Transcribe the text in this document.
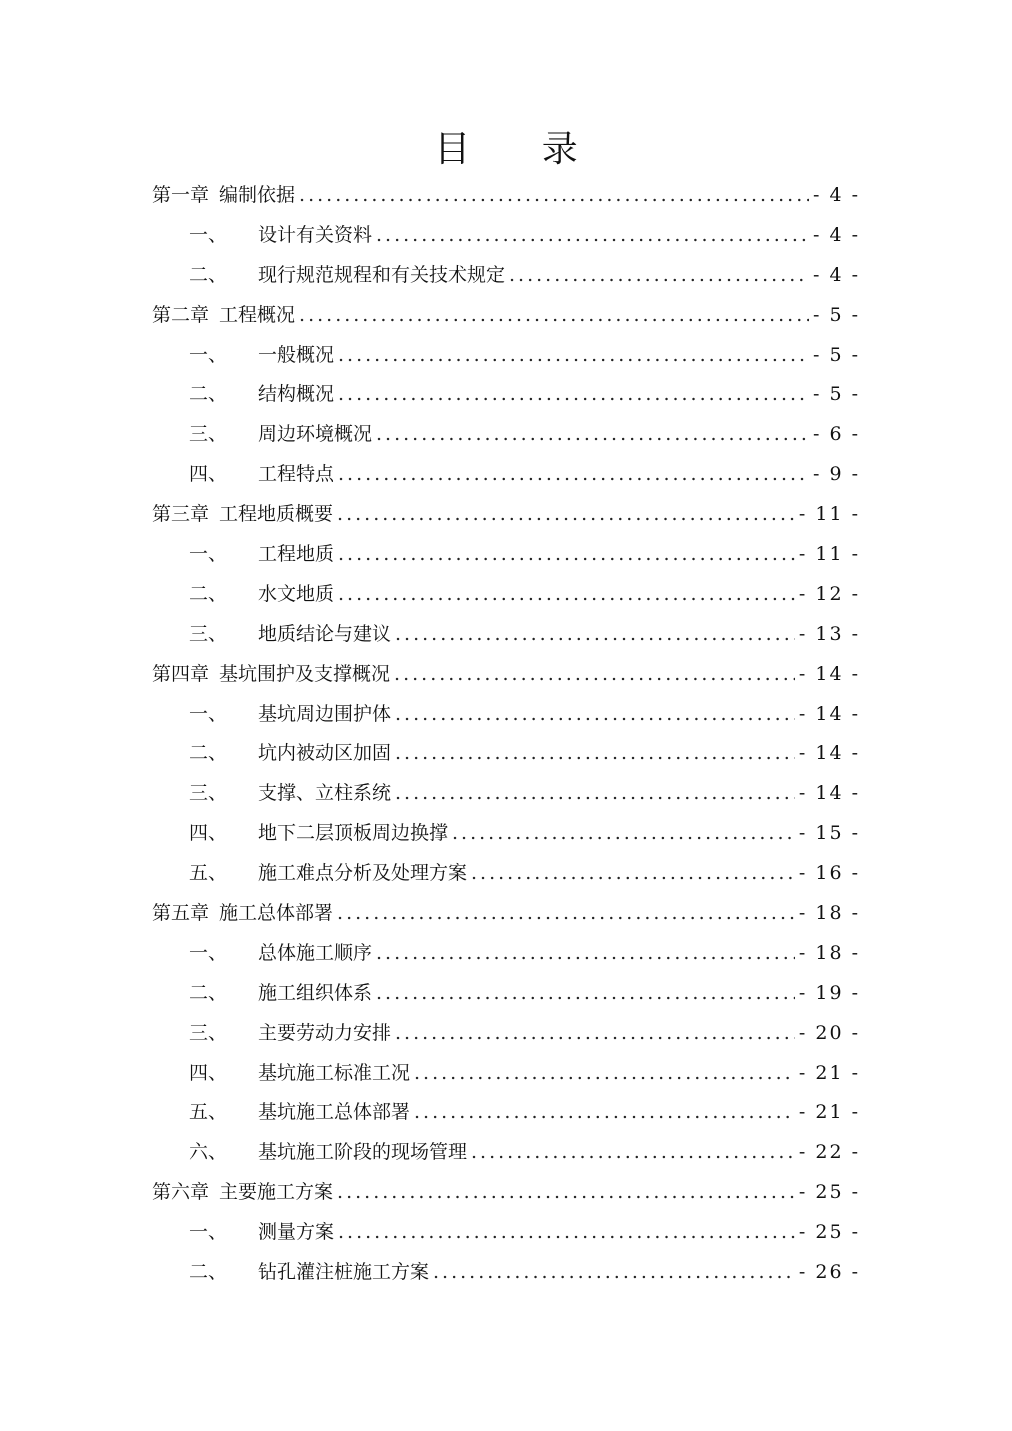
目 录
第一章 编制依据 .....	- 4 -
一、	设计有关资料 .....	- 4 -
二、	现行规范规程和有关技术规定 .....	- 4 -
第二章 工程概况 .....	- 5 -
一、	一般概况 .....	- 5 -
二、	结构概况 .....	- 5 -
三、	周边环境概况 .....	- 6 -
四、	工程特点 .....	- 9 -
第三章 工程地质概要 .....	- 11 -
一、	工程地质 .....	- 11 -
二、	水文地质 .....	- 12 -
三、	地质结论与建议 .....	- 13 -
第四章 基坑围护及支撑概况 .....	- 14 -
一、	基坑周边围护体 .....	- 14 -
二、	坑内被动区加固 .....	- 14 -
三、	支撑、立柱系统 .....	- 14 -
四、	地下二层顶板周边换撑 .....	- 15 -
五、	施工难点分析及处理方案 .....	- 16 -
第五章 施工总体部署 .....	- 18 -
一、	总体施工顺序 .....	- 18 -
二、	施工组织体系 .....	- 19 -
三、	主要劳动力安排 .....	- 20 -
四、	基坑施工标准工况 .....	- 21 -
五、	基坑施工总体部署 .....	- 21 -
六、	基坑施工阶段的现场管理 .....	- 22 -
第六章 主要施工方案 .....	- 25 -
一、	测量方案 .....	- 25 -
二、	钻孔灌注桩施工方案 .....	- 26 -
